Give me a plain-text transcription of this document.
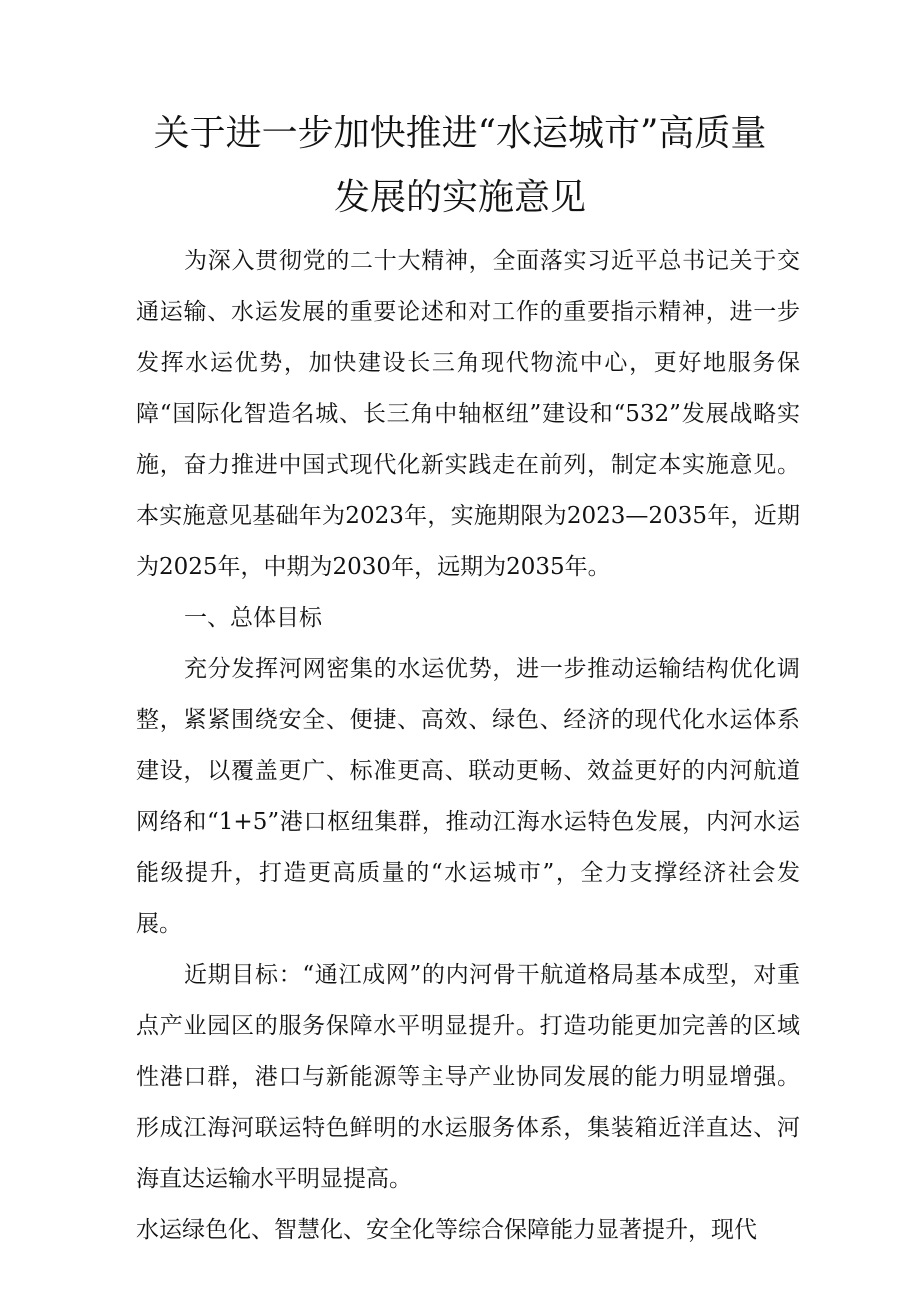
关于进一步加快推进“水运城市”高质量
发展的实施意见

为深入贯彻党的二十大精神，全面落实习近平总书记关于交通运输、水运发展的重要论述和对工作的重要指示精神，进一步发挥水运优势，加快建设长三角现代物流中心，更好地服务保障“国际化智造名城、长三角中轴枢纽”建设和“532”发展战略实施，奋力推进中国式现代化新实践走在前列，制定本实施意见。本实施意见基础年为2023年，实施期限为2023—2035年，近期为2025年，中期为2030年，远期为2035年。

一、总体目标

充分发挥河网密集的水运优势，进一步推动运输结构优化调整，紧紧围绕安全、便捷、高效、绿色、经济的现代化水运体系建设，以覆盖更广、标准更高、联动更畅、效益更好的内河航道网络和“1+5”港口枢纽集群，推动江海水运特色发展，内河水运能级提升，打造更高质量的“水运城市”，全力支撑经济社会发展。

近期目标：“通江成网”的内河骨干航道格局基本成型，对重点产业园区的服务保障水平明显提升。打造功能更加完善的区域性港口群，港口与新能源等主导产业协同发展的能力明显增强。形成江海河联运特色鲜明的水运服务体系，集装箱近洋直达、河海直达运输水平明显提高。

水运绿色化、智慧化、安全化等综合保障能力显著提升，现代
